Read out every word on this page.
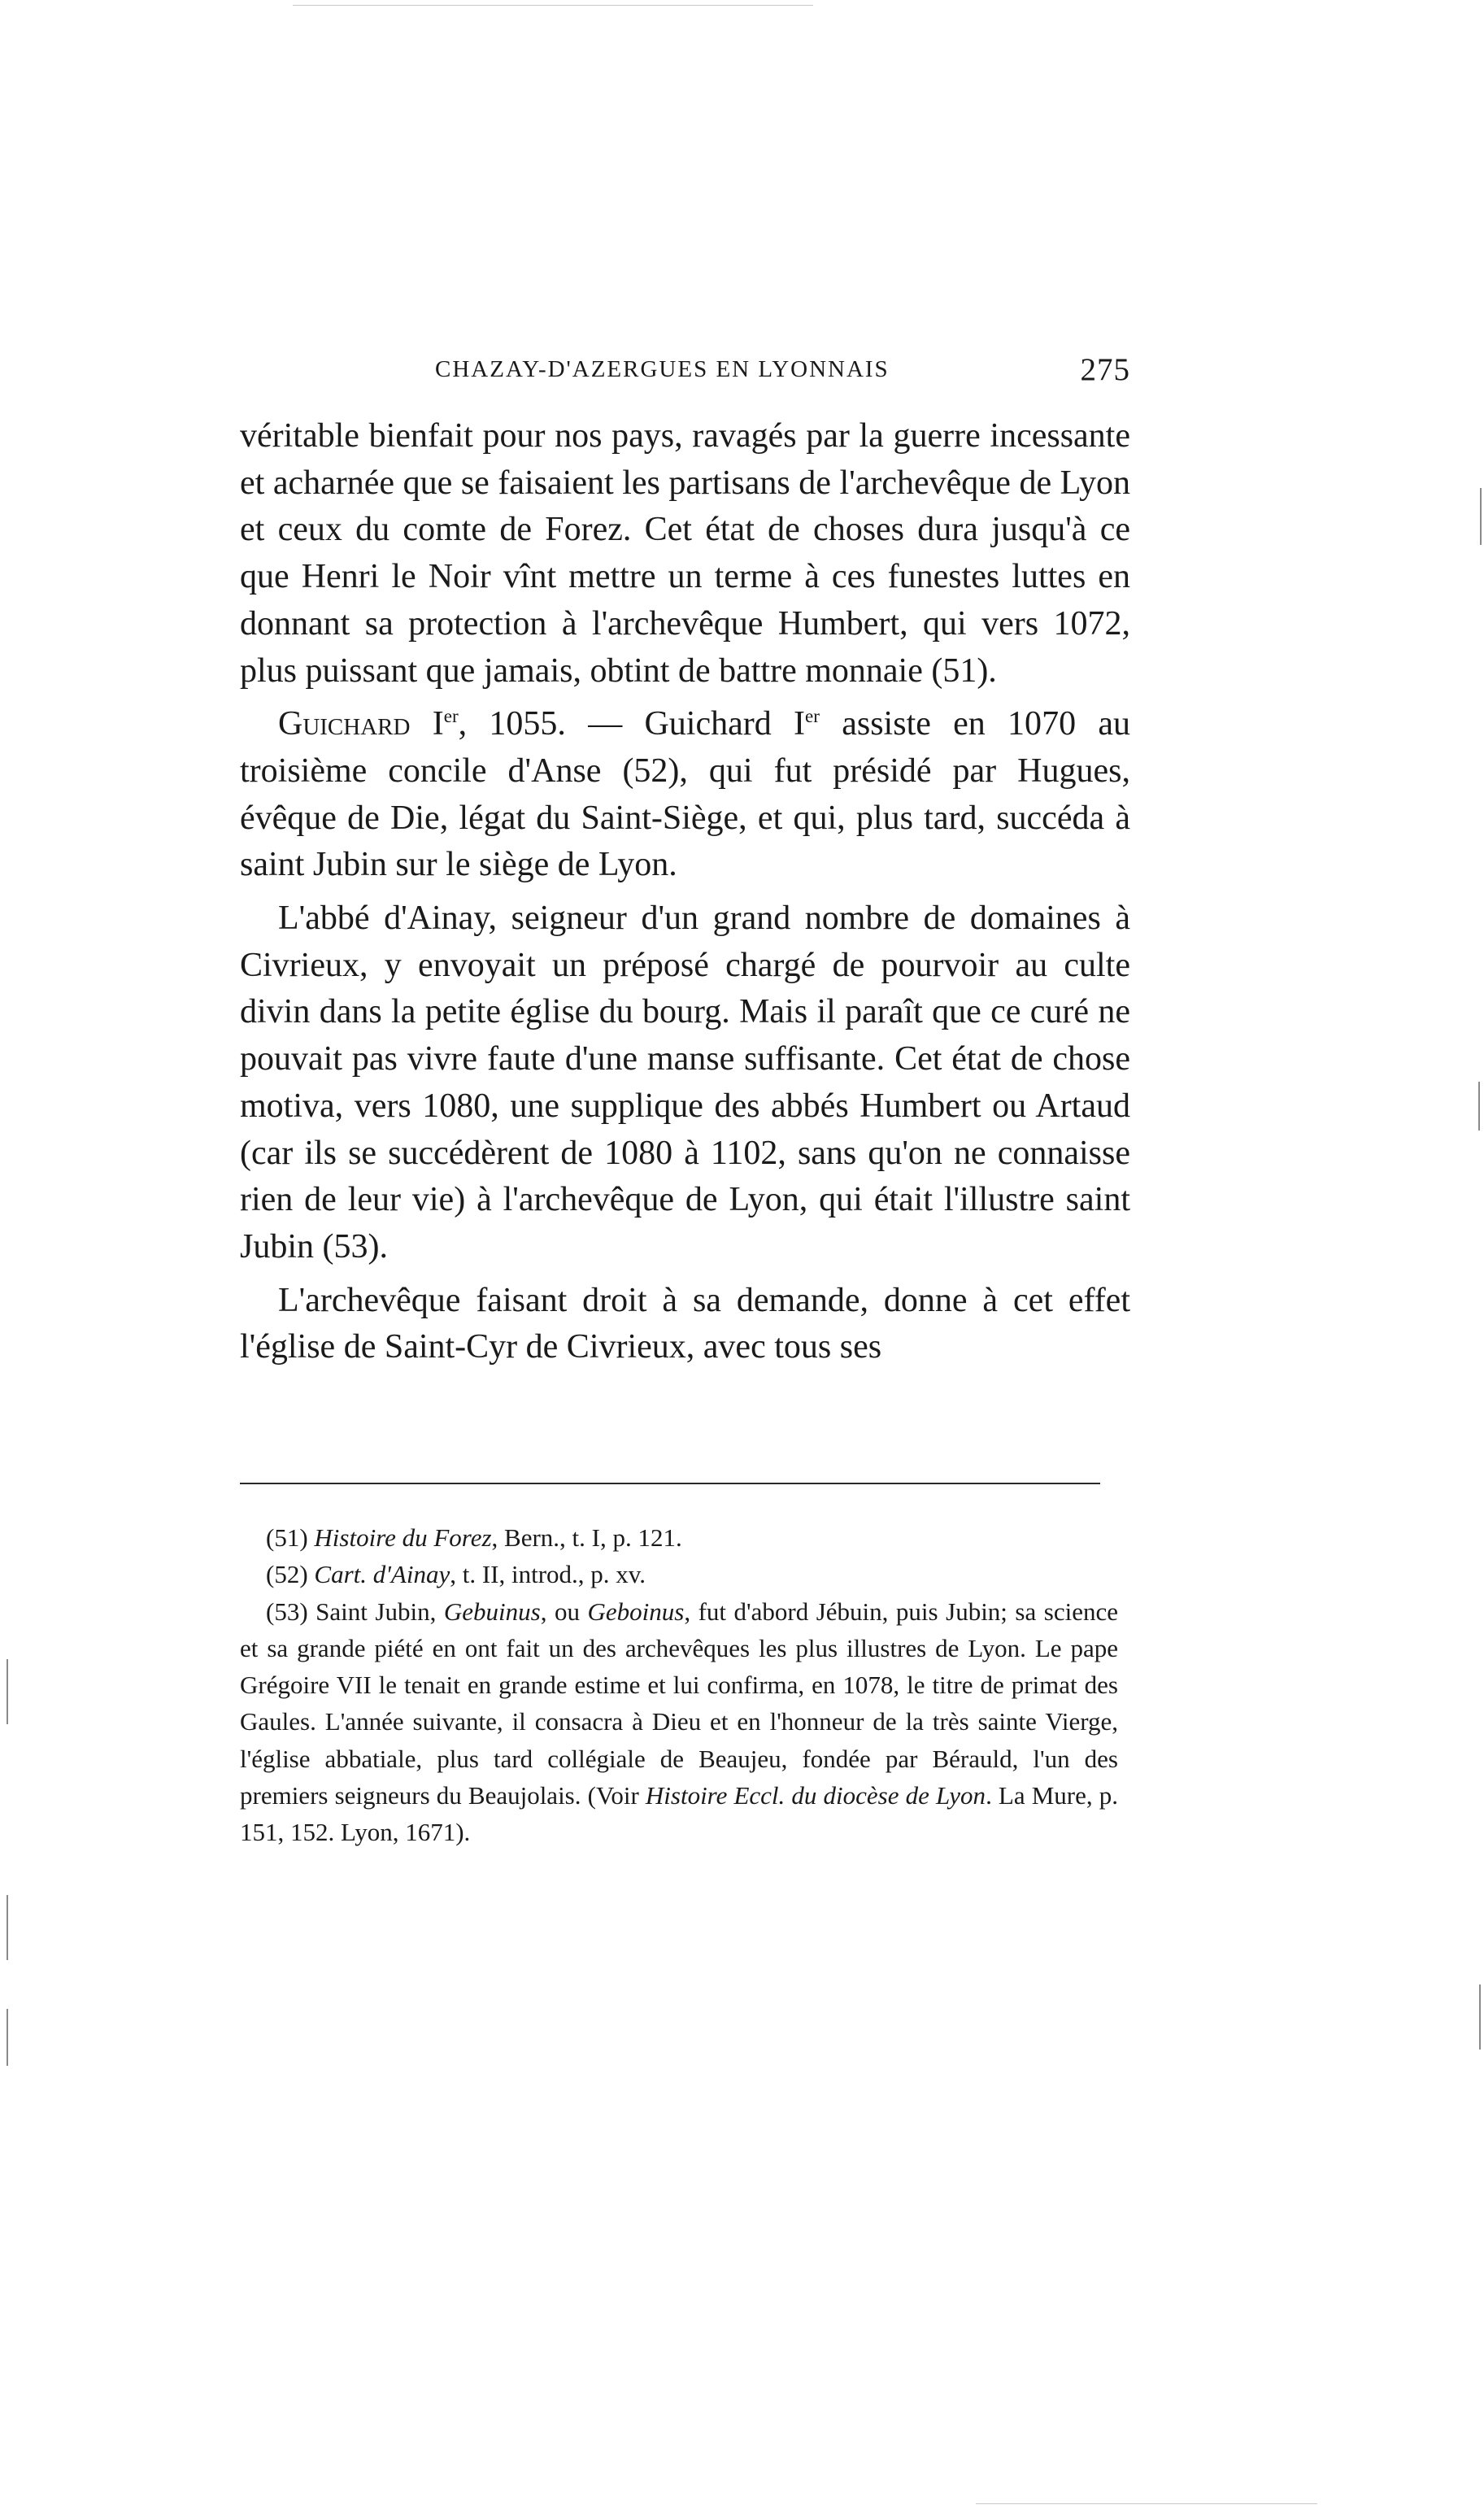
CHAZAY-D'AZERGUES EN LYONNAIS	275

véritable bienfait pour nos pays, ravagés par la guerre incessante et acharnée que se faisaient les partisans de l'archevêque de Lyon et ceux du comte de Forez. Cet état de choses dura jusqu'à ce que Henri le Noir vînt mettre un terme à ces funestes luttes en donnant sa protection à l'archevêque Humbert, qui vers 1072, plus puissant que jamais, obtint de battre monnaie (51).

Guichard Ier, 1055. — Guichard Ier assiste en 1070 au troisième concile d'Anse (52), qui fut présidé par Hugues, évêque de Die, légat du Saint-Siège, et qui, plus tard, succéda à saint Jubin sur le siège de Lyon.

L'abbé d'Ainay, seigneur d'un grand nombre de domaines à Civrieux, y envoyait un préposé chargé de pourvoir au culte divin dans la petite église du bourg. Mais il paraît que ce curé ne pouvait pas vivre faute d'une manse suffisante. Cet état de chose motiva, vers 1080, une supplique des abbés Humbert ou Artaud (car ils se succédèrent de 1080 à 1102, sans qu'on ne connaisse rien de leur vie) à l'archevêque de Lyon, qui était l'illustre saint Jubin (53).

L'archevêque faisant droit à sa demande, donne à cet effet l'église de Saint-Cyr de Civrieux, avec tous ses

(51) Histoire du Forez, Bern., t. I, p. 121.

(52) Cart. d'Ainay, t. II, introd., p. xv.

(53) Saint Jubin, Gebuinus, ou Geboinus, fut d'abord Jébuin, puis Jubin; sa science et sa grande piété en ont fait un des archevêques les plus illustres de Lyon. Le pape Grégoire VII le tenait en grande estime et lui confirma, en 1078, le titre de primat des Gaules. L'année suivante, il consacra à Dieu et en l'honneur de la très sainte Vierge, l'église abbatiale, plus tard collégiale de Beaujeu, fondée par Bérauld, l'un des premiers seigneurs du Beaujolais. (Voir Histoire Eccl. du diocèse de Lyon. La Mure, p. 151, 152. Lyon, 1671).
